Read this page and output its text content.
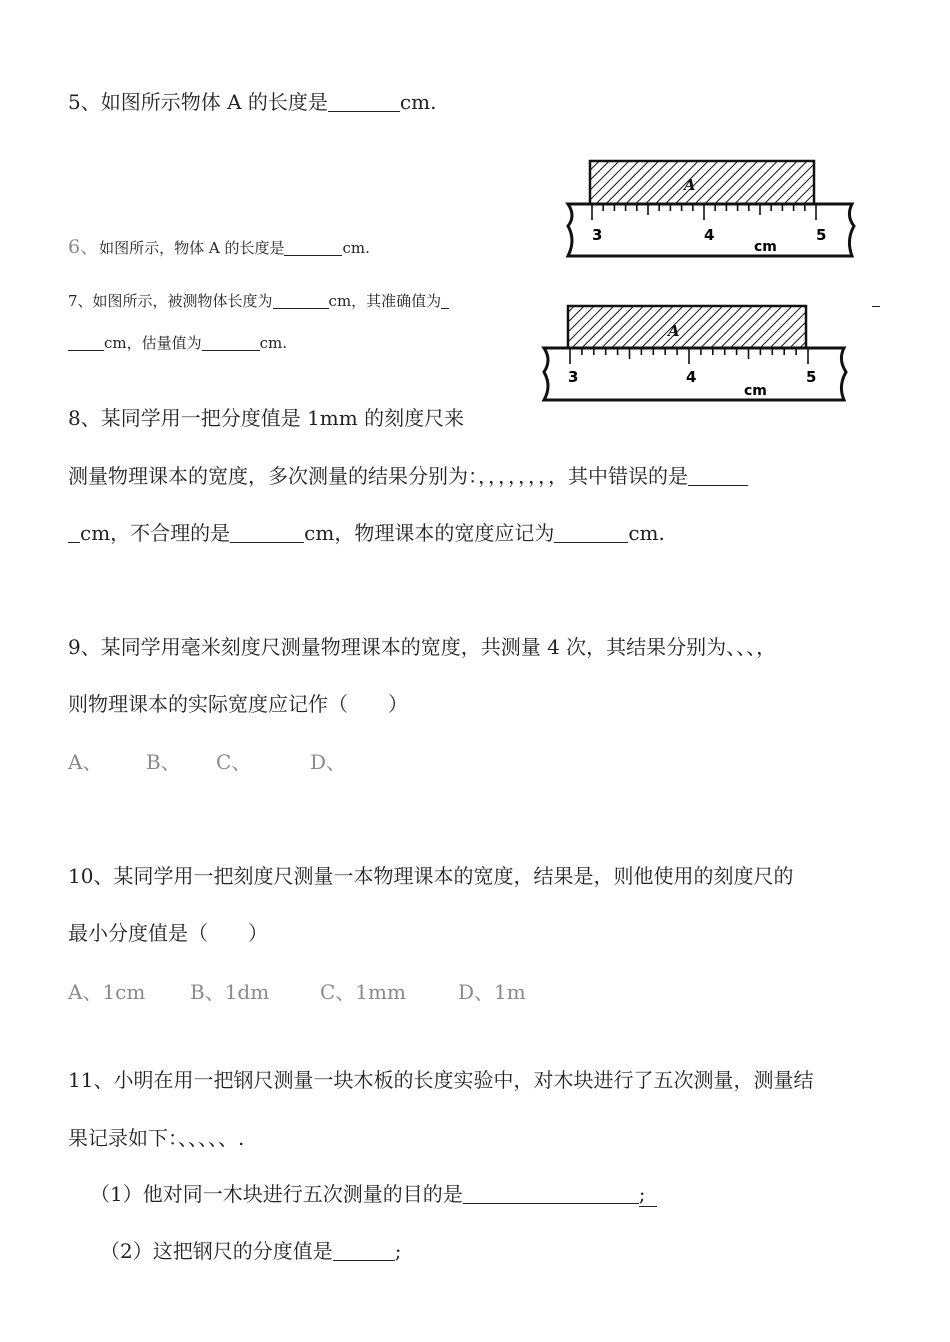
5、如图所示物体 A 的长度是	cm.
3	4	5
cm
A
6、如图所示，物体 A 的长度是	cm.
7、如图所示，被测物体长度为	cm，其准确值为
cm，估量值为	cm.
3	4	5
cm
A
8、某同学用一把分度值是 1mm 的刻度尺来
测量物理课本的宽度，多次测量的结果分别为：，，，，，，，，其中错误的是
cm，不合理的是	cm，物理课本的宽度应记为	cm.
9、某同学用毫米刻度尺测量物理课本的宽度，共测量 4 次，其结果分别为、、、，
则物理课本的实际宽度应记作（　　）
A、 B、 C、	D、
10、某同学用一把刻度尺测量一本物理课本的宽度，结果是，则他使用的刻度尺的
最小分度值是（　　）
A、1cm B、1dm	C、1mm	D、1m
11、小明在用一把钢尺测量一块木板的长度实验中，对木块进行了五次测量，测量结
果记录如下：、、、、、.
（1）他对同一木块进行五次测量的目的是	;
（2）这把钢尺的分度值是	;
